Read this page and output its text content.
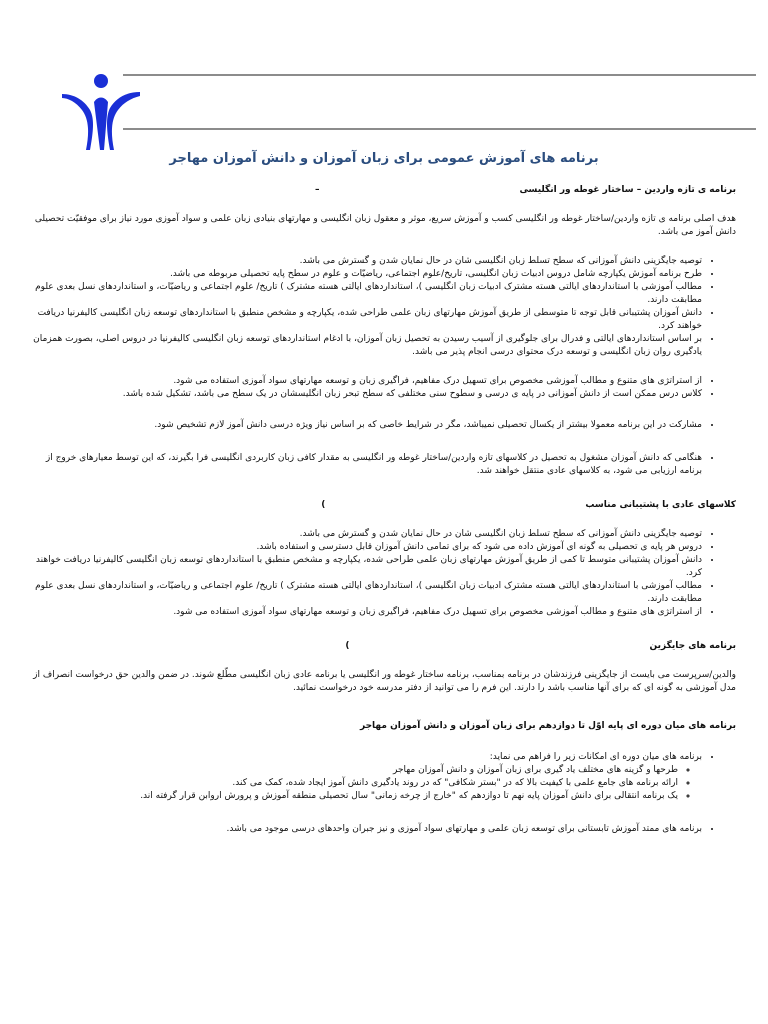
برنامه های آموزش عمومی برای زبان آموزان و دانش آموزان مهاجر

برنامه ی تازه واردین – ساختار غوطه ور انگلیسی–

هدف اصلی برنامه ی تازه واردین/ساختار غوطه ور انگلیسی کسب و آموزش سریع، موثر و معقول زبان انگلیسی و مهارتهای بنیادی زبان علمی و سواد آموزی مورد نیاز برای موفقیّت تحصیلی دانش آموز می باشد.

• توصیه جایگزینی دانش آموزانی که سطح تسلط زبان انگلیسی شان در حال نمایان شدن و گسترش می باشد.
• طرح برنامه آموزش یکپارچه شامل دروس ادبیات زبان انگلیسی، تاریخ/علوم اجتماعی، ریاضیّات و علوم در سطح پایه تحصیلی مربوطه می باشد.
• مطالب آموزشی با استانداردهای ایالتی هسته مشترک ادبیات زبان انگلیسی )، استانداردهای ایالتی هسته مشترک ) تاریخ/ علوم اجتماعی و ریاضیّات، و استانداردهای نسل بعدی علوم مطابقت دارند.
• دانش آموزان پشتیبانی قابل توجه تا متوسطی از طریق آموزش مهارتهای زبان علمی طراحی شده، یکپارچه و مشخص منطبق با استانداردهای توسعه زبان انگلیسی کالیفرنیا دریافت خواهند کرد.
• بر اساس استانداردهای ایالتی و فدرال برای جلوگیری از آسیب رسیدن به تحصیل زبان آموزان، با ادغام استانداردهای توسعه زبان انگلیسی کالیفرنیا در دروس اصلی، بصورت همزمان یادگیری روان زبان انگلیسی و توسعه درک محتوای درسی انجام پذیر می باشد.
• از استراتژی های متنوع و مطالب آموزشی مخصوص برای تسهیل درک مفاهیم، فراگیری زبان و توسعه مهارتهای سواد آموزی استفاده می شود.
• کلاس درس ممکن است از دانش آموزانی در پایه ی درسی و سطوح سنی مختلفی که سطح تبحر زبان انگلیسشان در یک سطح می باشد، تشکیل شده باشد.
• مشارکت در این برنامه معمولا بیشتر از یکسال تحصیلی نمیباشد، مگر در شرایط خاصی که بر اساس نیاز ویژه درسی دانش آموز لازم تشخیص شود.
• هنگامی که دانش آموزان مشغول به تحصیل در کلاسهای تازه واردین/ساختار غوطه ور انگلیسی به مقدار کافی زبان کاربردی انگلیسی فرا بگیرند، که این توسط معیارهای خروج از برنامه ارزیابی می شود، به کلاسهای عادی منتقل خواهند شد.

کلاسهای عادی با پشتیبانی مناسب)

• توصیه جایگزینی دانش آموزانی که سطح تسلط زبان انگلیسی شان در حال نمایان شدن و گسترش می باشد.
• دروس هر پایه ی تحصیلی به گونه ای آموزش داده می شود که برای تمامی دانش آموزان قابل دسترسی و استفاده باشد.
• دانش آموزان پشتیبانی متوسط تا کمی از طریق آموزش مهارتهای زبان علمی طراحی شده، یکپارچه و مشخص منطبق با استانداردهای توسعه زبان انگلیسی کالیفرنیا دریافت خواهند کرد.
• مطالب آموزشی با استانداردهای ایالتی هسته مشترک ادبیات زبان انگلیسی )، استانداردهای ایالتی هسته مشترک ) تاریخ/ علوم اجتماعی و ریاضیّات، و استانداردهای نسل بعدی علوم مطابقت دارند.
• از استراتژی های متنوع و مطالب آموزشی مخصوص برای تسهیل درک مفاهیم، فراگیری زبان و توسعه مهارتهای سواد آموزی استفاده می شود.

برنامه های جایگزین)

والدین/سرپرست می بایست از جایگزینی فرزندشان در برنامه بمناسب، برنامه ساختار غوطه ور انگلیسی یا برنامه عادی زبان انگلیسی مطّلع شوند. در ضمن والدین حق درخواست انصراف از مدل آموزشی به گونه ای که برای آنها مناسب باشد را دارند. این فرم را می توانید از دفتر مدرسه خود درخواست نمائید.

برنامه های میان دوره ای پایه اوّل تا دوازدهم برای زبان آموزان و دانش آموزان مهاجر

• برنامه های میان دوره ای امکانات زیر را فراهم می نماید:
◦ طرحها و گزینه های مختلف یاد گیری برای زبان آموزان و دانش آموزان مهاجر
◦ ارائه برنامه های جامع علمی با کیفیت بالا که در "بستر شکافی" که در روند یادگیری دانش آموز ایجاد شده، کمک می کند.
◦ یک برنامه انتقالی برای دانش آموزان پایه نهم تا دوازدهم که "خارج از چرخه زمانی" سال تحصیلی منطقه آموزش و پرورش اروابن قرار گرفته اند.
• برنامه های ممتد آموزش تابستانی برای توسعه زبان علمی و مهارتهای سواد آموزی و نیز جبران واحدهای درسی موجود می باشد.
